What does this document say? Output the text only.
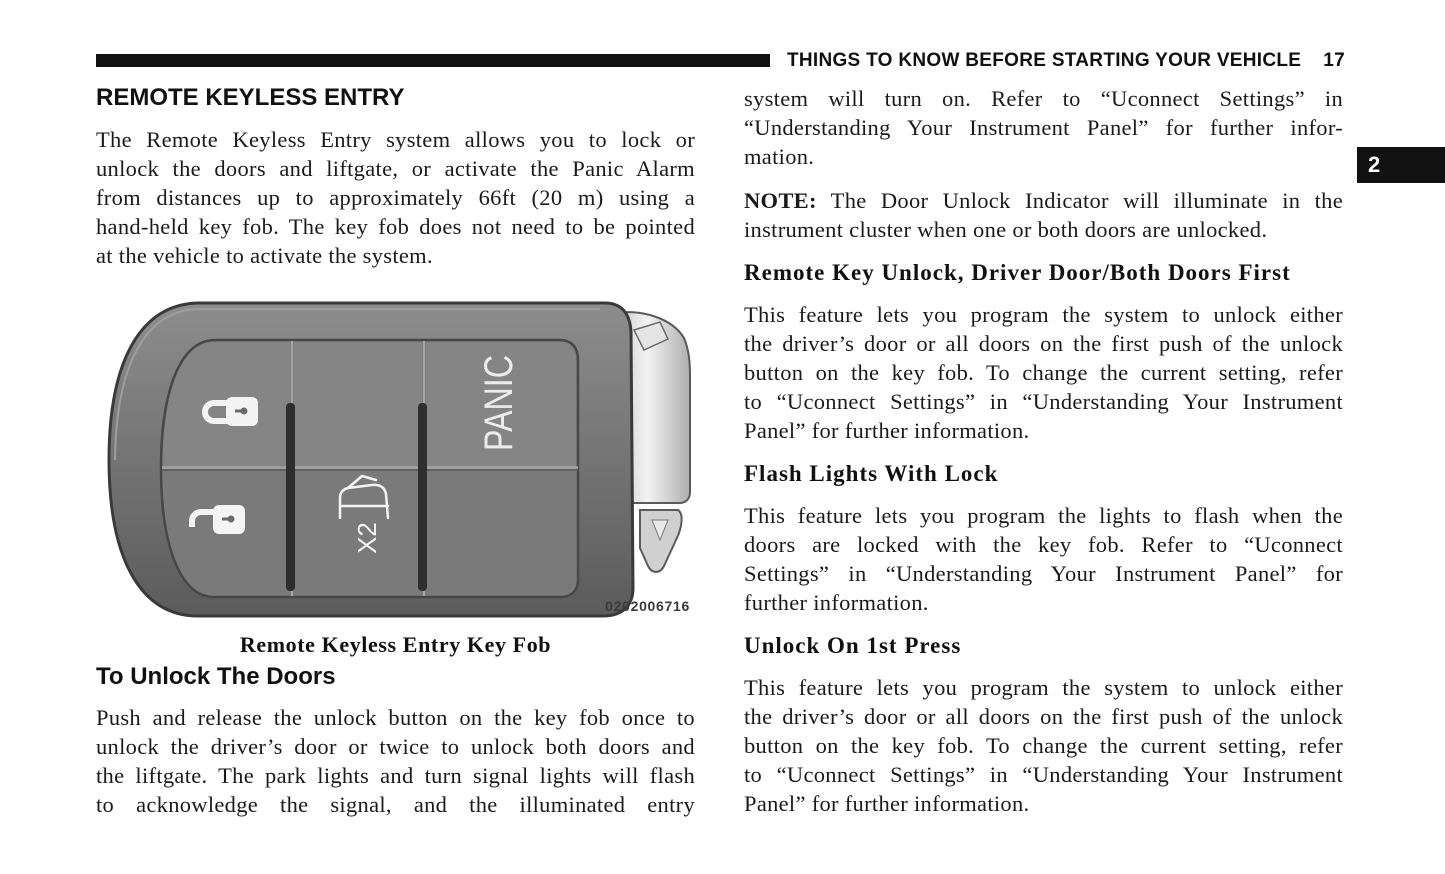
THINGS TO KNOW BEFORE STARTING YOUR VEHICLE 17
2
REMOTE KEYLESS ENTRY
The Remote Keyless Entry system allows you to lock or
unlock the doors and liftgate, or activate the Panic Alarm
from distances up to approximately 66ft (20 m) using a
hand-held key fob. The key fob does not need to be pointed
at the vehicle to activate the system.
X2
PANIC
0202006716
Remote Keyless Entry Key Fob
To Unlock The Doors
Push and release the unlock button on the key fob once to
unlock the driver’s door or twice to unlock both doors and
the liftgate. The park lights and turn signal lights will flash
to acknowledge the signal, and the illuminated entry
system will turn on. Refer to “Uconnect Settings” in
“Understanding Your Instrument Panel” for further infor-
mation.
NOTE: The Door Unlock Indicator will illuminate in the
instrument cluster when one or both doors are unlocked.
Remote Key Unlock, Driver Door/Both Doors First
This feature lets you program the system to unlock either
the driver’s door or all doors on the first push of the unlock
button on the key fob. To change the current setting, refer
to “Uconnect Settings” in “Understanding Your Instrument
Panel” for further information.
Flash Lights With Lock
This feature lets you program the lights to flash when the
doors are locked with the key fob. Refer to “Uconnect
Settings” in “Understanding Your Instrument Panel” for
further information.
Unlock On 1st Press
This feature lets you program the system to unlock either
the driver’s door or all doors on the first push of the unlock
button on the key fob. To change the current setting, refer
to “Uconnect Settings” in “Understanding Your Instrument
Panel” for further information.
